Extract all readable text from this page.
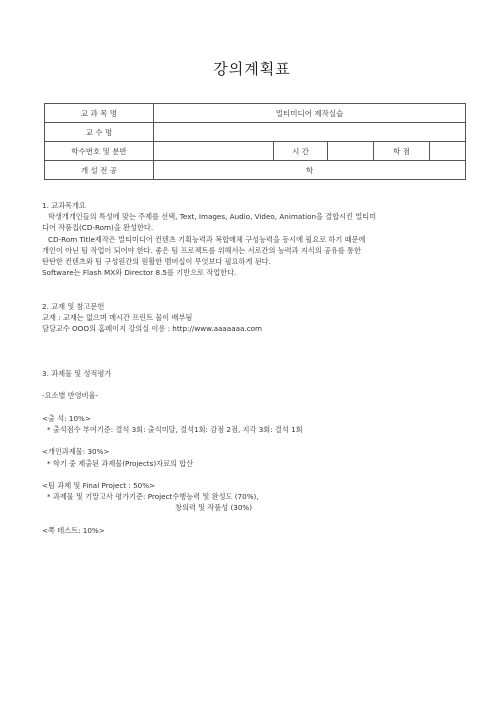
강의계획표
교 과 목 명	멀티미디어 제작실습				
교 수 명					
학수번호 및 분반		시 간		학 점	
개 설 전 공	학				

1. 교과목개요

학생개개인들의 특성에 맞는 주제를 선택, Text, Images, Audio, Video, Animation을 결합시킨 멀티미

디어 작품집(CD-Rom)을 완성한다.

CD-Rom Title제작은 멀티미디어 컨텐츠 기획능력과 복합매체 구성능력을 동시에 필요로 하기 때문에

개인이 아닌 팀 작업이 되어야 한다. 좋은 팀 프로젝트를 위해서는 서로간의 능력과 지식의 공유를 통한

탄탄한 컨텐츠와 팀 구성원간의 원활한 멤버십이 무엇보다 필요하게 된다.

Software는 Flash MX와 Director 8.5를 기반으로 작업한다.

2. 교재 및 참고문헌

교재 : 교재는 없으며 매시간 프린트 물이 배부됨

담당교수 OOO의 홈페이지 강의실 이용 : http://www.aaaaaaa.com

3. 과제물 및 성적평가

-요소별 반영비율-

<출 석: 10%>

* 출석점수 부여기준: 결석 3회: 출석미달, 결석1회: 감점 2점, 지각 3회: 결석 1회

<개인과제물: 30%>

* 학기 중 제출된 과제물(Projects)자료의 합산

<팀 과제 및 Final Project : 50%>

* 과제물 및 기말고사 평가기준: Project수행능력 및 완성도 (70%),

창의력 및 작품성 (30%)

<쪽 테스트: 10%>
